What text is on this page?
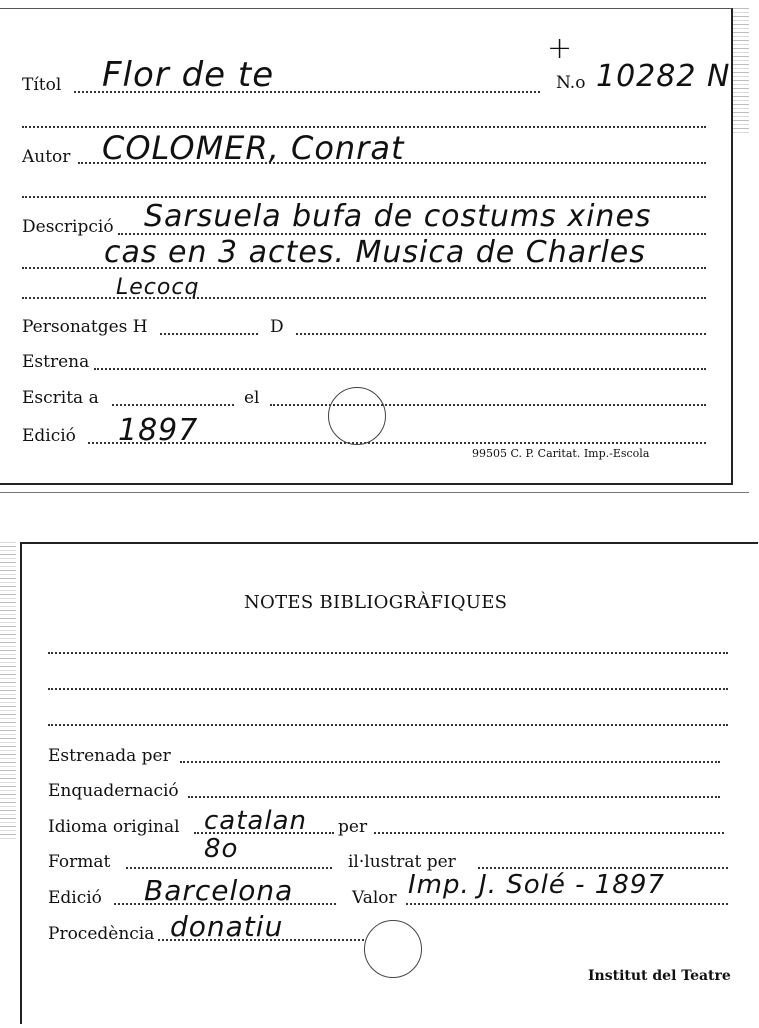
Títol Flor de te
+
N.o 10282 N
Autor COLOMER, Conrat
Descripció Sarsuela bufa de costums xines
cas en 3 actes. Musica de Charles
Lecocq
Personatges H	D
Estrena
Escrita a	el
Edició 1897
99505 C. P. Caritat. Imp.-Escola
NOTES BIBLIOGRÀFIQUES
Estrenada per
Enquadernació
Idioma original catalan per
Format	8o	il·lustrat per
Edició Barcelona	Valor Imp. J. Solé - 1897
Procedència donatiu
Institut del Teatre
